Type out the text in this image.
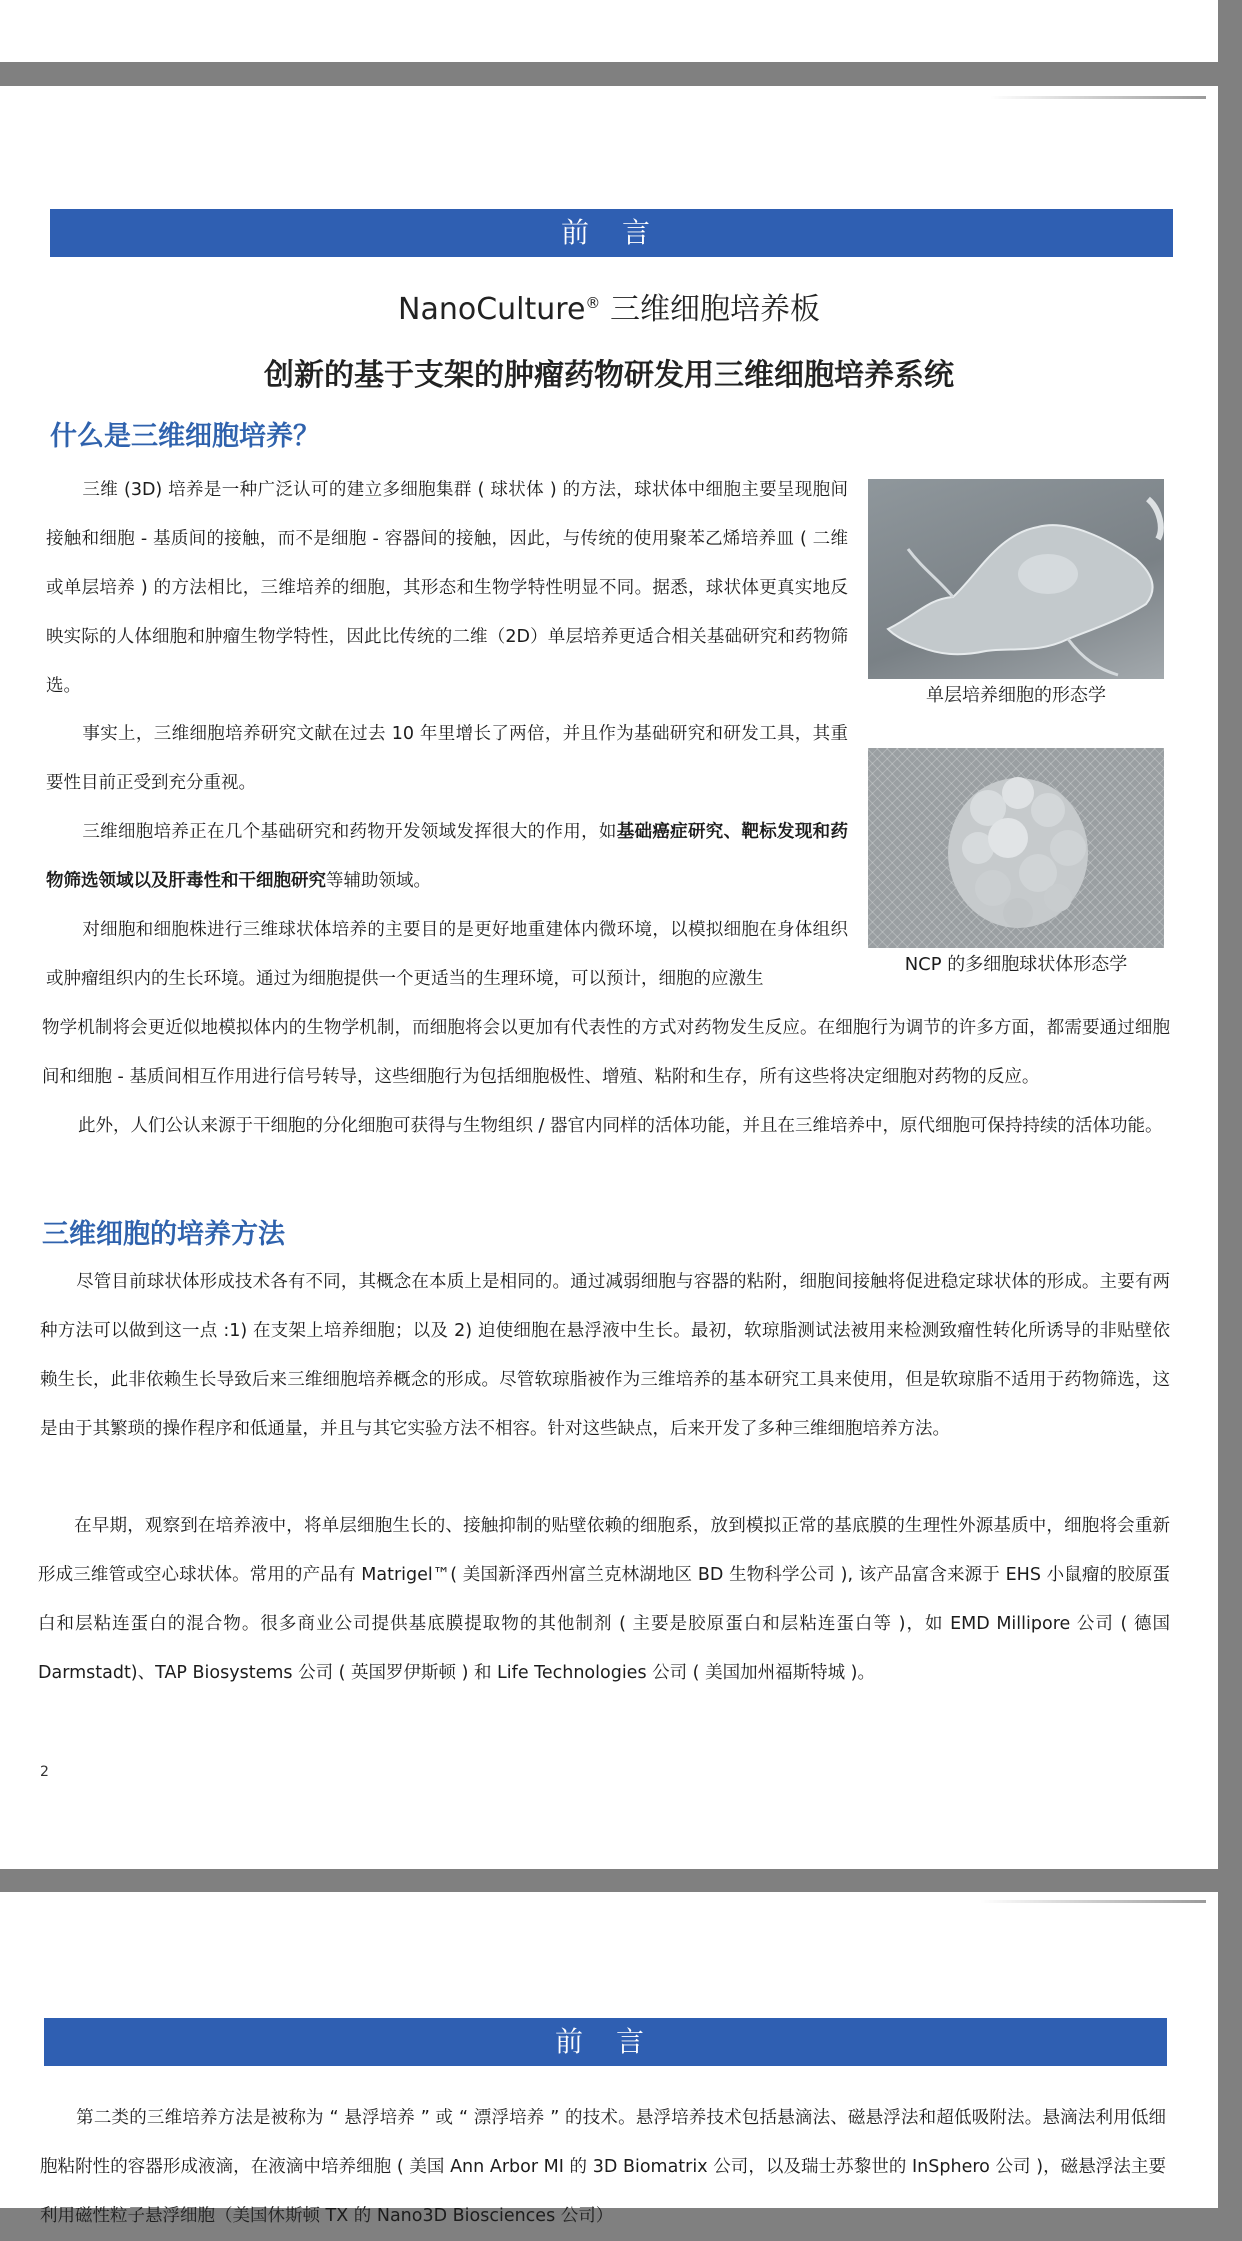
前 言
NanoCulture® 三维细胞培养板
创新的基于支架的肿瘤药物研发用三维细胞培养系统
什么是三维细胞培养？

三维 (3D) 培养是一种广泛认可的建立多细胞集群 ( 球状体 ) 的方法，球状体中细胞主要呈现胞间接触和细胞 - 基质间的接触，而不是细胞 - 容器间的接触，因此，与传统的使用聚苯乙烯培养皿 ( 二维或单层培养 ) 的方法相比，三维培养的细胞，其形态和生物学特性明显不同。据悉，球状体更真实地反映实际的人体细胞和肿瘤生物学特性，因此比传统的二维（2D）单层培养更适合相关基础研究和药物筛选。

事实上，三维细胞培养研究文献在过去 10 年里增长了两倍，并且作为基础研究和研发工具，其重要性目前正受到充分重视。

三维细胞培养正在几个基础研究和药物开发领域发挥很大的作用，如基础癌症研究、靶标发现和药物筛选领域以及肝毒性和干细胞研究等辅助领域。

对细胞和细胞株进行三维球状体培养的主要目的是更好地重建体内微环境，以模拟细胞在身体组织或肿瘤组织内的生长环境。通过为细胞提供一个更适当的生理环境，可以预计，细胞的应激生

物学机制将会更近似地模拟体内的生物学机制，而细胞将会以更加有代表性的方式对药物发生反应。在细胞行为调节的许多方面，都需要通过细胞间和细胞 - 基质间相互作用进行信号转导，这些细胞行为包括细胞极性、增殖、粘附和生存，所有这些将决定细胞对药物的反应。

此外，人们公认来源于干细胞的分化细胞可获得与生物组织 / 器官内同样的活体功能，并且在三维培养中，原代细胞可保持持续的活体功能。

单层培养细胞的形态学
NCP 的多细胞球状体形态学
三维细胞的培养方法

尽管目前球状体形成技术各有不同，其概念在本质上是相同的。通过减弱细胞与容器的粘附，细胞间接触将促进稳定球状体的形成。主要有两种方法可以做到这一点 :1) 在支架上培养细胞；以及 2) 迫使细胞在悬浮液中生长。最初，软琼脂测试法被用来检测致瘤性转化所诱导的非贴壁依赖生长，此非依赖生长导致后来三维细胞培养概念的形成。尽管软琼脂被作为三维培养的基本研究工具来使用，但是软琼脂不适用于药物筛选，这是由于其繁琐的操作程序和低通量，并且与其它实验方法不相容。针对这些缺点，后来开发了多种三维细胞培养方法。

在早期，观察到在培养液中，将单层细胞生长的、接触抑制的贴壁依赖的细胞系，放到模拟正常的基底膜的生理性外源基质中，细胞将会重新形成三维管或空心球状体。常用的产品有 Matrigel™( 美国新泽西州富兰克林湖地区 BD 生物科学公司 ), 该产品富含来源于 EHS 小鼠瘤的胶原蛋白和层粘连蛋白的混合物。很多商业公司提供基底膜提取物的其他制剂 ( 主要是胶原蛋白和层粘连蛋白等 )，如 EMD Millipore 公司 ( 德国 Darmstadt)、TAP Biosystems 公司 ( 英国罗伊斯顿 ) 和 Life Technologies 公司 ( 美国加州福斯特城 )。

2
前 言

第二类的三维培养方法是被称为 “ 悬浮培养 ” 或 “ 漂浮培养 ” 的技术。悬浮培养技术包括悬滴法、磁悬浮法和超低吸附法。悬滴法利用低细胞粘附性的容器形成液滴，在液滴中培养细胞 ( 美国 Ann Arbor MI 的 3D Biomatrix 公司，以及瑞士苏黎世的 InSphero 公司 )，磁悬浮法主要利用磁性粒子悬浮细胞（美国休斯顿 TX 的 Nano3D Biosciences 公司）
